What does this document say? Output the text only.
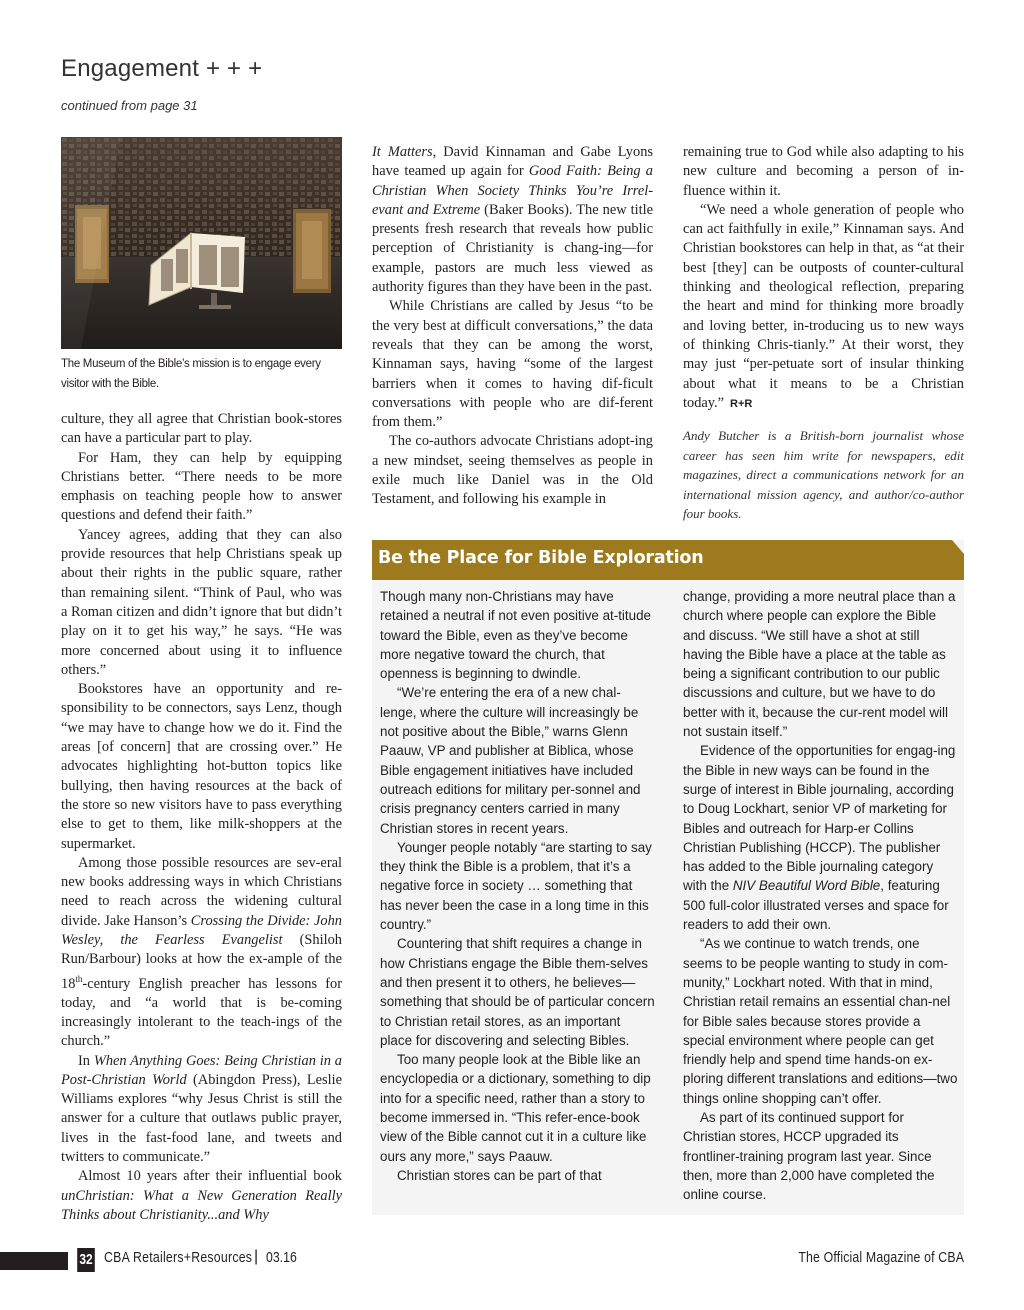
Engagement + + +
continued from page 31
The Museum of the Bible’s mission is to engage every visitor with the Bible.

culture, they all agree that Christian book-stores can have a particular part to play.

For Ham, they can help by equipping Christians better. “There needs to be more emphasis on teaching people how to answer questions and defend their faith.”

Yancey agrees, adding that they can also provide resources that help Christians speak up about their rights in the public square, rather than remaining silent. “Think of Paul, who was a Roman citizen and didn’t ignore that but didn’t play on it to get his way,” he says. “He was more concerned about using it to influence others.”

Bookstores have an opportunity and re-sponsibility to be connectors, says Lenz, though “we may have to change how we do it. Find the areas [of concern] that are crossing over.” He advocates highlighting hot-button topics like bullying, then having resources at the back of the store so new visitors have to pass everything else to get to them, like milk-shoppers at the supermarket.

Among those possible resources are sev-eral new books addressing ways in which Christians need to reach across the widening cultural divide. Jake Hanson’s Crossing the Divide: John Wesley, the Fearless Evangelist (Shiloh Run/Barbour) looks at how the ex-ample of the 18th-century English preacher has lessons for today, and “a world that is be-coming increasingly intolerant to the teach-ings of the church.”

In When Anything Goes: Being Christian in a Post-Christian World (Abingdon Press), Leslie Williams explores “why Jesus Christ is still the answer for a culture that outlaws public prayer, lives in the fast-food lane, and tweets and twitters to communicate.”

Almost 10 years after their influential book unChristian: What a New Generation Really Thinks about Christianity...and Why

It Matters, David Kinnaman and Gabe Lyons have teamed up again for Good Faith: Being a Christian When Society Thinks You’re Irrel-evant and Extreme (Baker Books). The new title presents fresh research that reveals how public perception of Christianity is chang-ing—for example, pastors are much less viewed as authority figures than they have been in the past.

While Christians are called by Jesus “to be the very best at difficult conversations,” the data reveals that they can be among the worst, Kinnaman says, having “some of the largest barriers when it comes to having dif-ficult conversations with people who are dif-ferent from them.”

The co-authors advocate Christians adopt-ing a new mindset, seeing themselves as people in exile much like Daniel was in the Old Testament, and following his example in

remaining true to God while also adapting to his new culture and becoming a person of in-fluence within it.

“We need a whole generation of people who can act faithfully in exile,” Kinnaman says. And Christian bookstores can help in that, as “at their best [they] can be outposts of counter-cultural thinking and theological reflection, preparing the heart and mind for thinking more broadly and loving better, in-troducing us to new ways of thinking Chris-tianly.” At their worst, they may just “per-petuate sort of insular thinking about what it means to be a Christian today.” R+R

Andy Butcher is a British-born journalist whose career has seen him write for newspapers, edit magazines, direct a communications network for an international mission agency, and author/co-author four books.

Be the Place for Bible Exploration

Though many non-Christians may have retained a neutral if not even positive at-titude toward the Bible, even as they’ve become more negative toward the church, that openness is beginning to dwindle.

“We’re entering the era of a new chal-lenge, where the culture will increasingly be not positive about the Bible,” warns Glenn Paauw, VP and publisher at Biblica, whose Bible engagement initiatives have included outreach editions for military per-sonnel and crisis pregnancy centers carried in many Christian stores in recent years.

Younger people notably “are starting to say they think the Bible is a problem, that it’s a negative force in society … something that has never been the case in a long time in this country.”

Countering that shift requires a change in how Christians engage the Bible them-selves and then present it to others, he believes—something that should be of particular concern to Christian retail stores, as an important place for discovering and selecting Bibles.

Too many people look at the Bible like an encyclopedia or a dictionary, something to dip into for a specific need, rather than a story to become immersed in. “This refer-ence-book view of the Bible cannot cut it in a culture like ours any more,” says Paauw.

Christian stores can be part of that

change, providing a more neutral place than a church where people can explore the Bible and discuss. “We still have a shot at still having the Bible have a place at the table as being a significant contribution to our public discussions and culture, but we have to do better with it, because the cur-rent model will not sustain itself.”

Evidence of the opportunities for engag-ing the Bible in new ways can be found in the surge of interest in Bible journaling, according to Doug Lockhart, senior VP of marketing for Bibles and outreach for Harp-er Collins Christian Publishing (HCCP). The publisher has added to the Bible journaling category with the NIV Beautiful Word Bible, featuring 500 full-color illustrated verses and space for readers to add their own.

“As we continue to watch trends, one seems to be people wanting to study in com-munity,” Lockhart noted. With that in mind, Christian retail remains an essential chan-nel for Bible sales because stores provide a special environment where people can get friendly help and spend time hands-on ex-ploring different translations and editions—two things online shopping can’t offer.

As part of its continued support for Christian stores, HCCP upgraded its frontliner-training program last year. Since then, more than 2,000 have completed the online course.

32 CBA Retailers+Resources | 03.16	The Official Magazine of CBA
